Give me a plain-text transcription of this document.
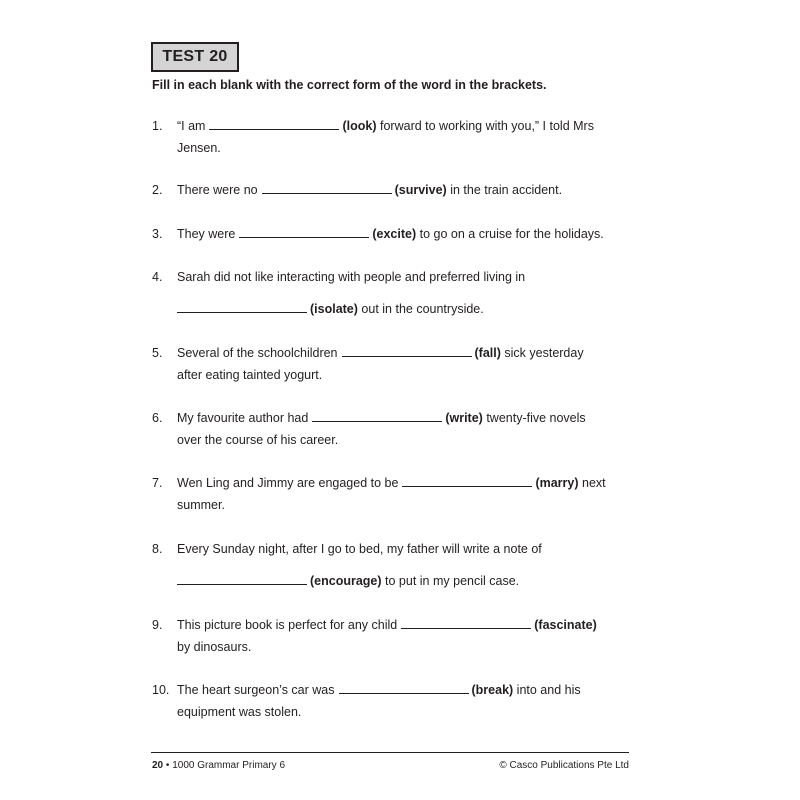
TEST 20
Fill in each blank with the correct form of the word in the brackets.
1.	“I am	(look) forward to working with you,” I told Mrs
Jensen.
2.	There were no	(survive) in the train accident.
3.	They were	(excite) to go on a cruise for the holidays.
4.	Sarah did not like interacting with people and preferred living in
(isolate) out in the countryside.
5.	Several of the schoolchildren	(fall) sick yesterday
after eating tainted yogurt.
6.	My favourite author had	(write) twenty-five novels
over the course of his career.
7.	Wen Ling and Jimmy are engaged to be	(marry) next
summer.
8.	Every Sunday night, after I go to bed, my father will write a note of
(encourage) to put in my pencil case.
9.	This picture book is perfect for any child	(fascinate)
by dinosaurs.
10. The heart surgeon’s car was	(break) into and his
equipment was stolen.
20 • 1000 Grammar Primary 6	© Casco Publications Pte Ltd
